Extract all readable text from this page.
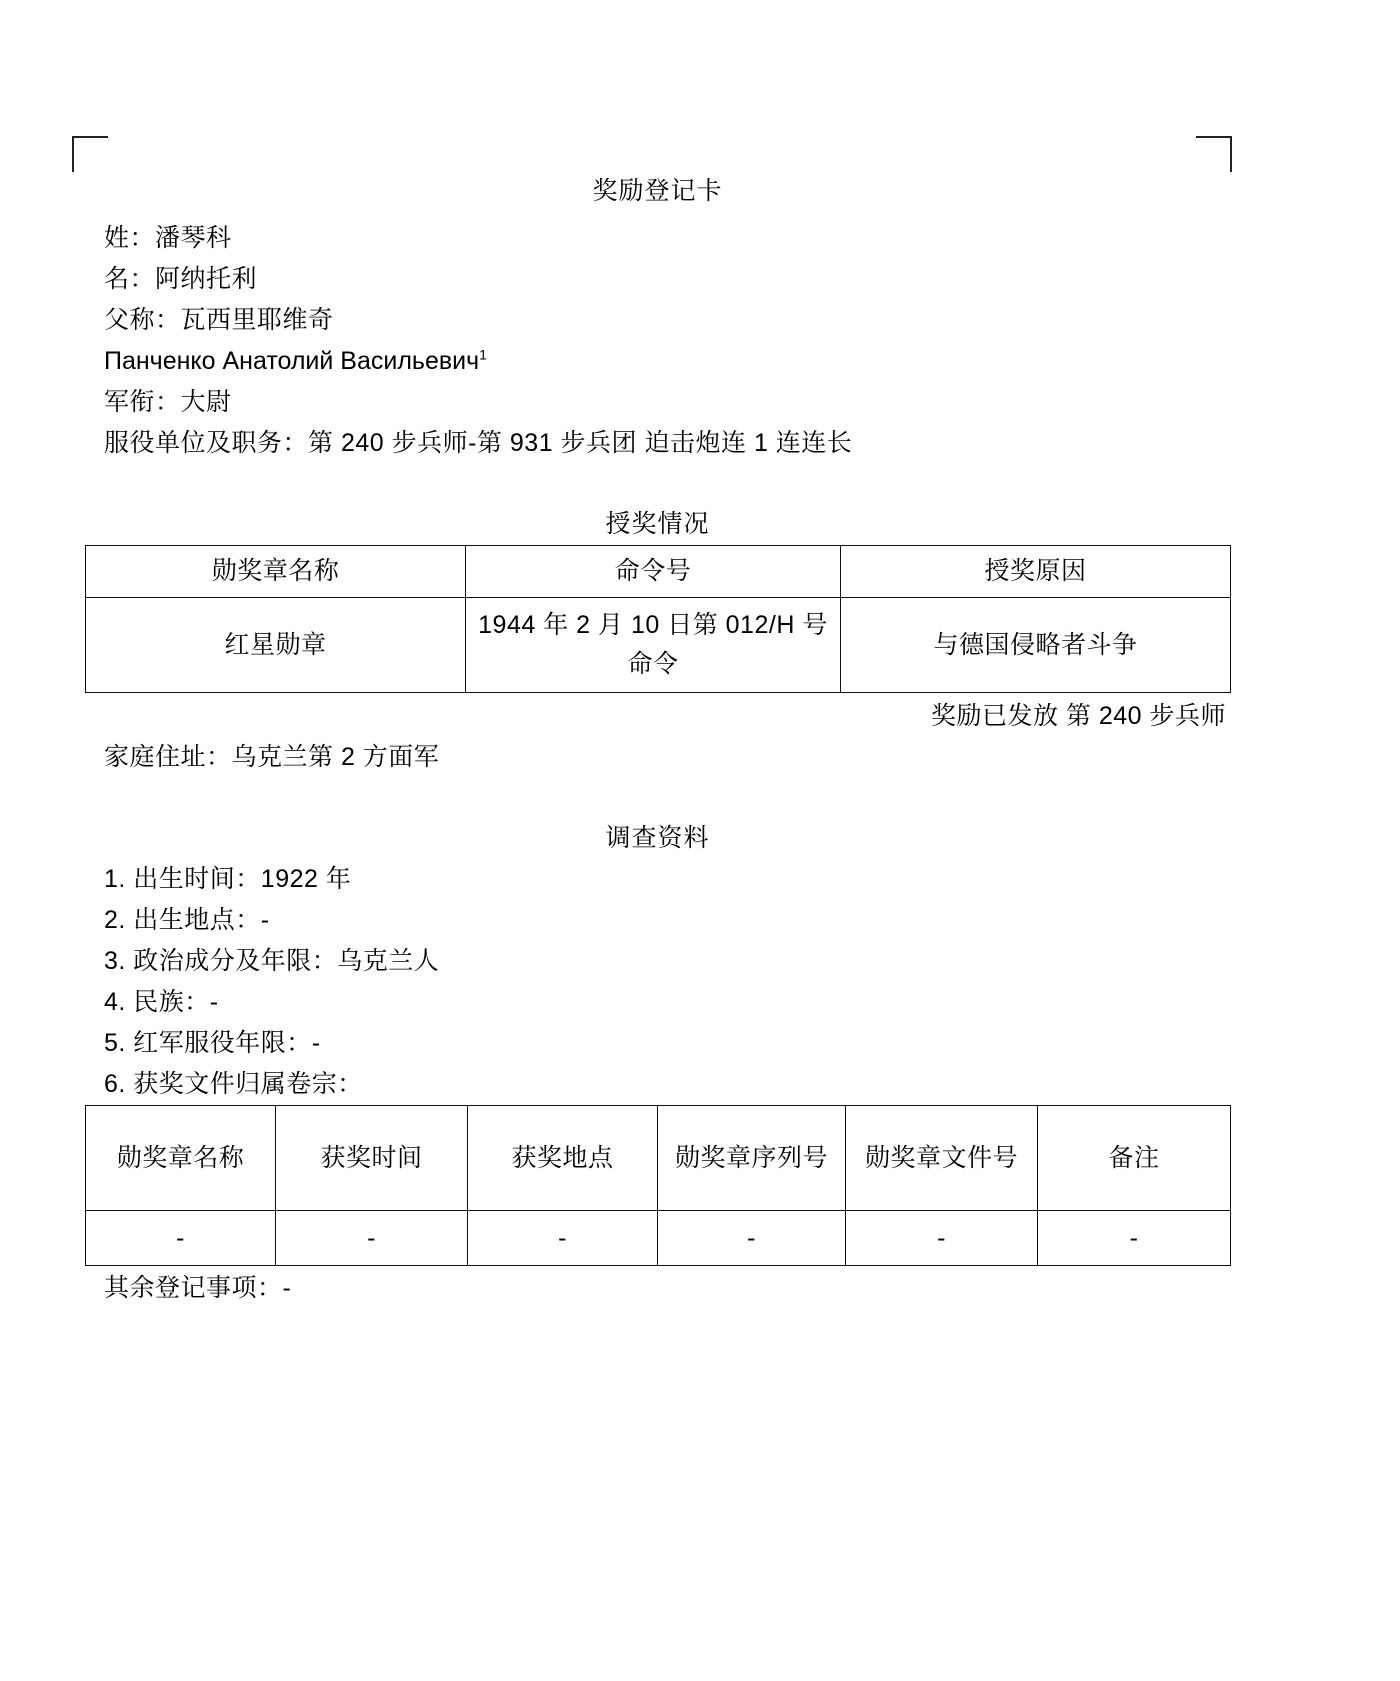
奖励登记卡
姓：潘琴科
名：阿纳托利
父称：瓦西里耶维奇
Панченко Анатолий Васильевич$^1$
军衔：大尉
服役单位及职务：第 240 步兵师-第 931 步兵团 迫击炮连 1 连连长
授奖情况
勋奖章名称	命令号	授奖原因
红星勋章	1944 年 2 月 10 日第 012/H 号命令	与德国侵略者斗争
奖励已发放 第 240 步兵师
家庭住址：乌克兰第 2 方面军
调查资料
1. 出生时间：1922 年
2. 出生地点：-
3. 政治成分及年限：乌克兰人
4. 民族：-
5. 红军服役年限：-
6. 获奖文件归属卷宗：
勋奖章名称	获奖时间	获奖地点	勋奖章序列号	勋奖章文件号	备注
-	-	-	-	-	-
其余登记事项：-
